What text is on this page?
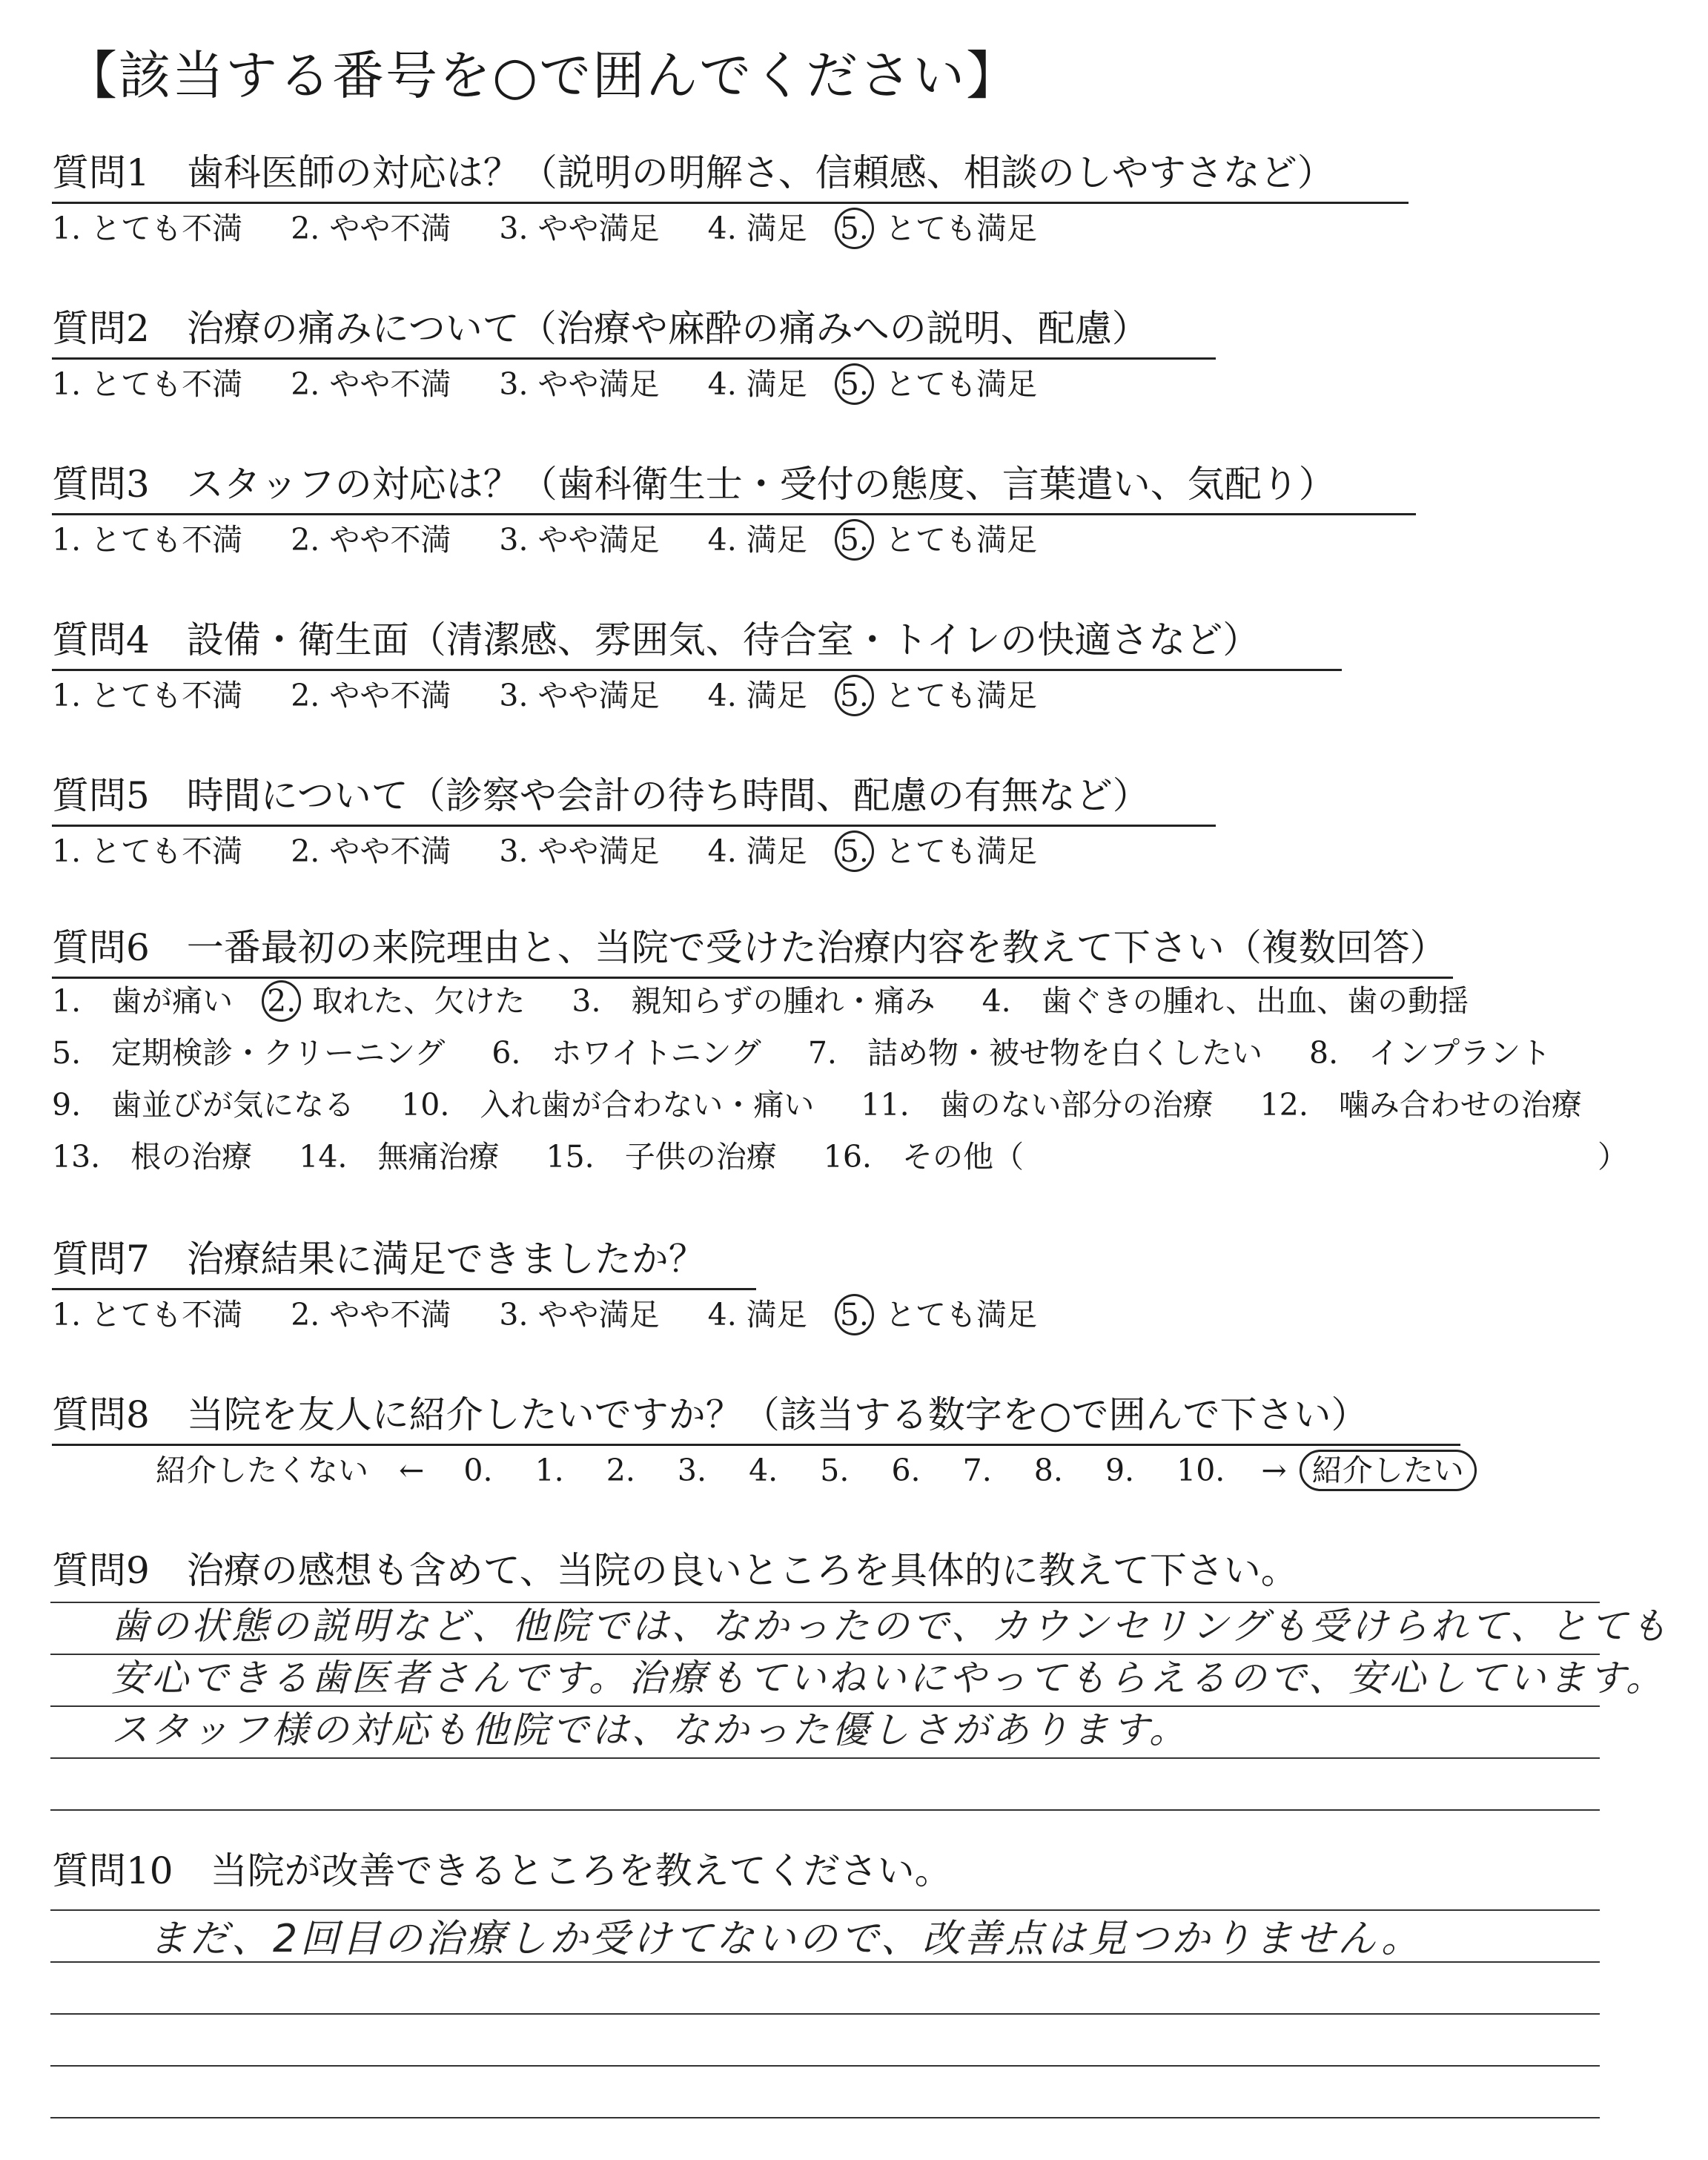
【該当する番号を○で囲んでください】
質問1　歯科医師の対応は？（説明の明解さ、信頼感、相談のしやすさなど）
1. とても不満 2. やや不満 3. やや満足 4. 満足 5. とても満足
質問2　治療の痛みについて（治療や麻酔の痛みへの説明、配慮）
1. とても不満 2. やや不満 3. やや満足 4. 満足 5. とても満足
質問3　スタッフの対応は？（歯科衛生士・受付の態度、言葉遣い、気配り）
1. とても不満 2. やや不満 3. やや満足 4. 満足 5. とても満足
質問4　設備・衛生面（清潔感、雰囲気、待合室・トイレの快適さなど）
1. とても不満 2. やや不満 3. やや満足 4. 満足 5. とても満足
質問5　時間について（診察や会計の待ち時間、配慮の有無など）
1. とても不満 2. やや不満 3. やや満足 4. 満足 5. とても満足
質問6　一番最初の来院理由と、当院で受けた治療内容を教えて下さい（複数回答）
1.　歯が痛い 2. 取れた、欠けた 3.　親知らずの腫れ・痛み 4.　歯ぐきの腫れ、出血、歯の動揺
5.　定期検診・クリーニング 6.　ホワイトニング 7.　詰め物・被せ物を白くしたい 8.　インプラント
9.　歯並びが気になる 10.　入れ歯が合わない・痛い 11.　歯のない部分の治療 12.　噛み合わせの治療
13.　根の治療 14.　無痛治療 15.　子供の治療 16.　その他（	）
質問7　治療結果に満足できましたか？
1. とても不満 2. やや不満 3. やや満足 4. 満足 5. とても満足
質問8　当院を友人に紹介したいですか？（該当する数字を○で囲んで下さい）
紹介したくない　← 0. 1. 2. 3. 4. 5. 6. 7. 8. 9. 10. → 紹介したい
質問9　治療の感想も含めて、当院の良いところを具体的に教えて下さい。
歯の状態の説明など、他院では、なかったので、カウンセリングも受けられて、とても
安心できる歯医者さんです。治療もていねいにやってもらえるので、安心しています。
スタッフ様の対応も他院では、なかった優しさがあります。
質問10　当院が改善できるところを教えてください。
まだ、2回目の治療しか受けてないので、改善点は見つかりません。
